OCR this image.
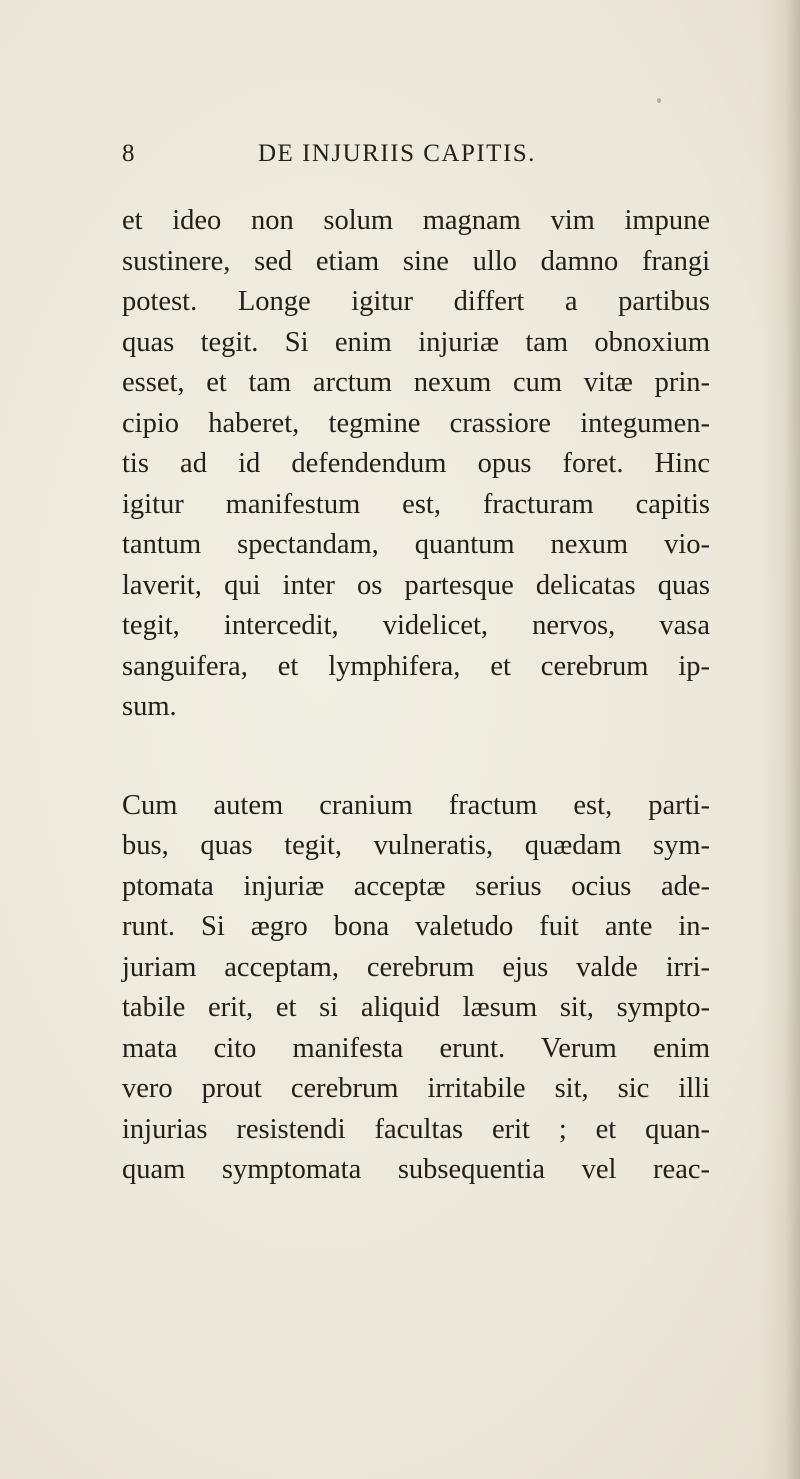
8	DE INJURIIS CAPITIS.
et ideo non solum magnam vim impune
sustinere, sed etiam sine ullo damno frangi
potest. Longe igitur differt a partibus
quas tegit. Si enim injuriæ tam obnoxium
esset, et tam arctum nexum cum vitæ prin-
cipio haberet, tegmine crassiore integumen-
tis ad id defendendum opus foret. Hinc
igitur manifestum est, fracturam capitis
tantum spectandam, quantum nexum vio-
laverit, qui inter os partesque delicatas quas
tegit, intercedit, videlicet, nervos, vasa
sanguifera, et lymphifera, et cerebrum ip-
sum.
Cum autem cranium fractum est, parti-
bus, quas tegit, vulneratis, quædam sym-
ptomata injuriæ acceptæ serius ocius ade-
runt. Si ægro bona valetudo fuit ante in-
juriam acceptam, cerebrum ejus valde irri-
tabile erit, et si aliquid læsum sit, sympto-
mata cito manifesta erunt. Verum enim
vero prout cerebrum irritabile sit, sic illi
injurias resistendi facultas erit ; et quan-
quam symptomata subsequentia vel reac-
